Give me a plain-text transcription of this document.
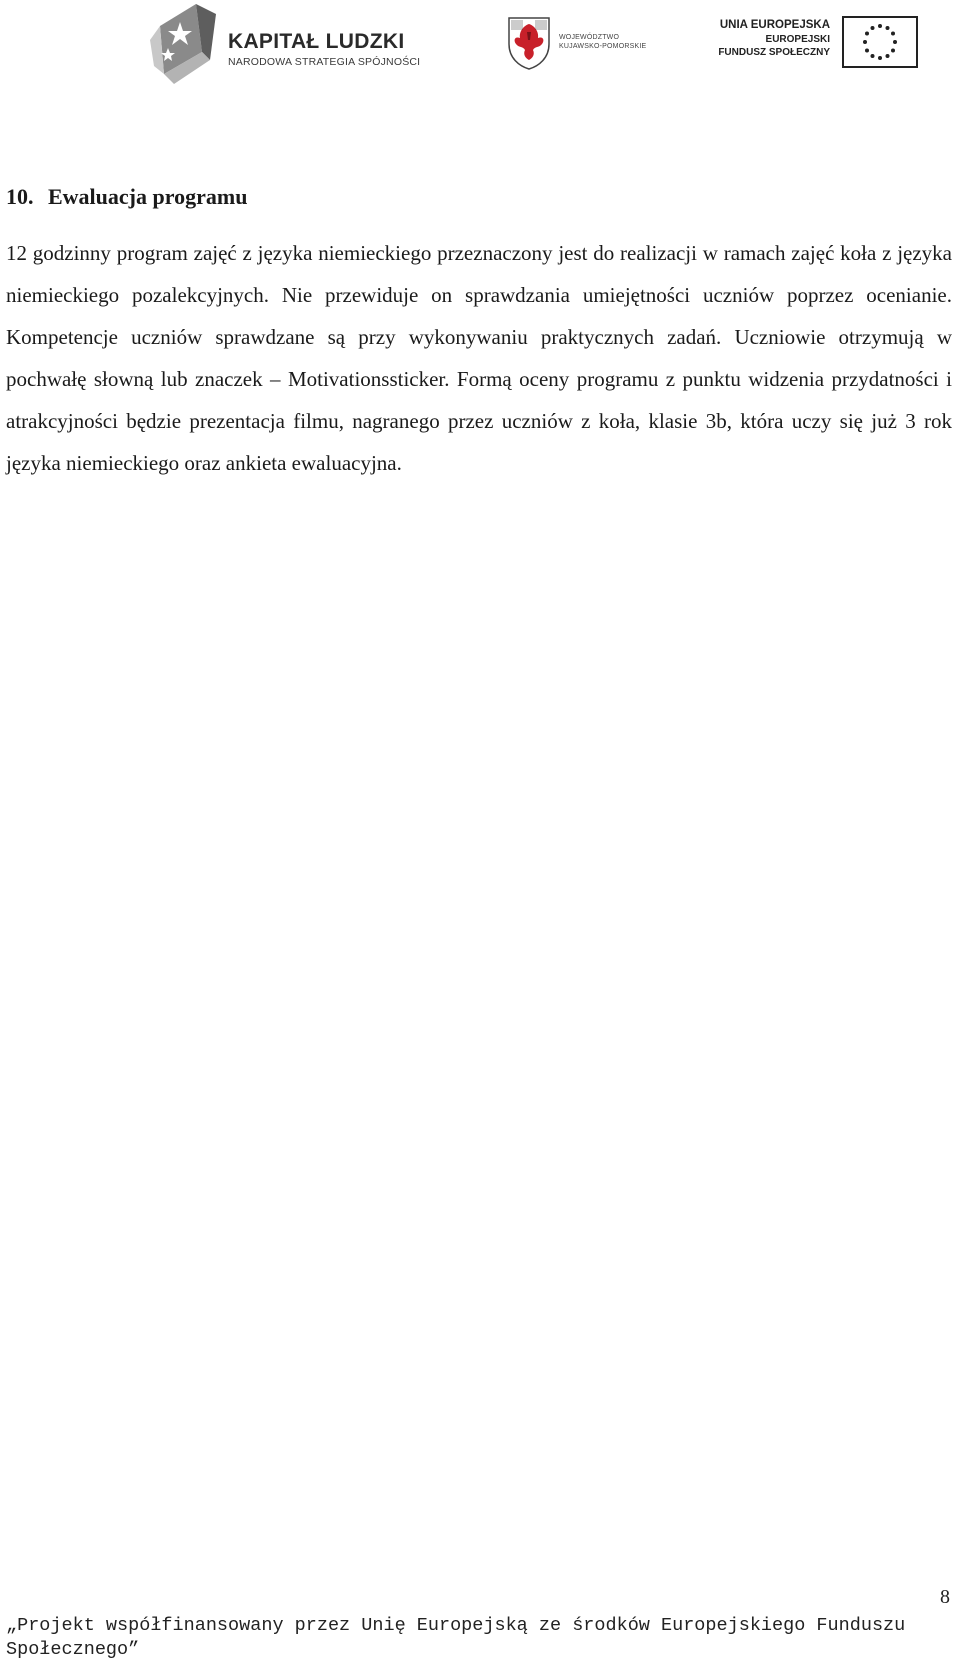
KAPITAŁ LUDZKI
NARODOWA STRATEGIA SPÓJNOŚCI
WOJEWÓDZTWO
KUJAWSKO-POMORSKIE
UNIA EUROPEJSKA
EUROPEJSKI
FUNDUSZ SPOŁECZNY
10. Ewaluacja programu

12 godzinny program zajęć z języka niemieckiego przeznaczony jest do realizacji w ramach zajęć koła z języka niemieckiego pozalekcyjnych. Nie przewiduje on sprawdzania umiejętności uczniów poprzez ocenianie. Kompetencje uczniów sprawdzane są przy wykonywaniu praktycznych zadań. Uczniowie otrzymują w pochwałę słowną lub znaczek – Motivationssticker. Formą oceny programu z punktu widzenia przydatności i atrakcyjności będzie prezentacja filmu, nagranego przez uczniów z koła, klasie 3b, która uczy się już 3 rok języka niemieckiego oraz ankieta ewaluacyjna.

8
„Projekt współfinansowany przez Unię Europejską ze środków Europejskiego Funduszu Społecznego”
